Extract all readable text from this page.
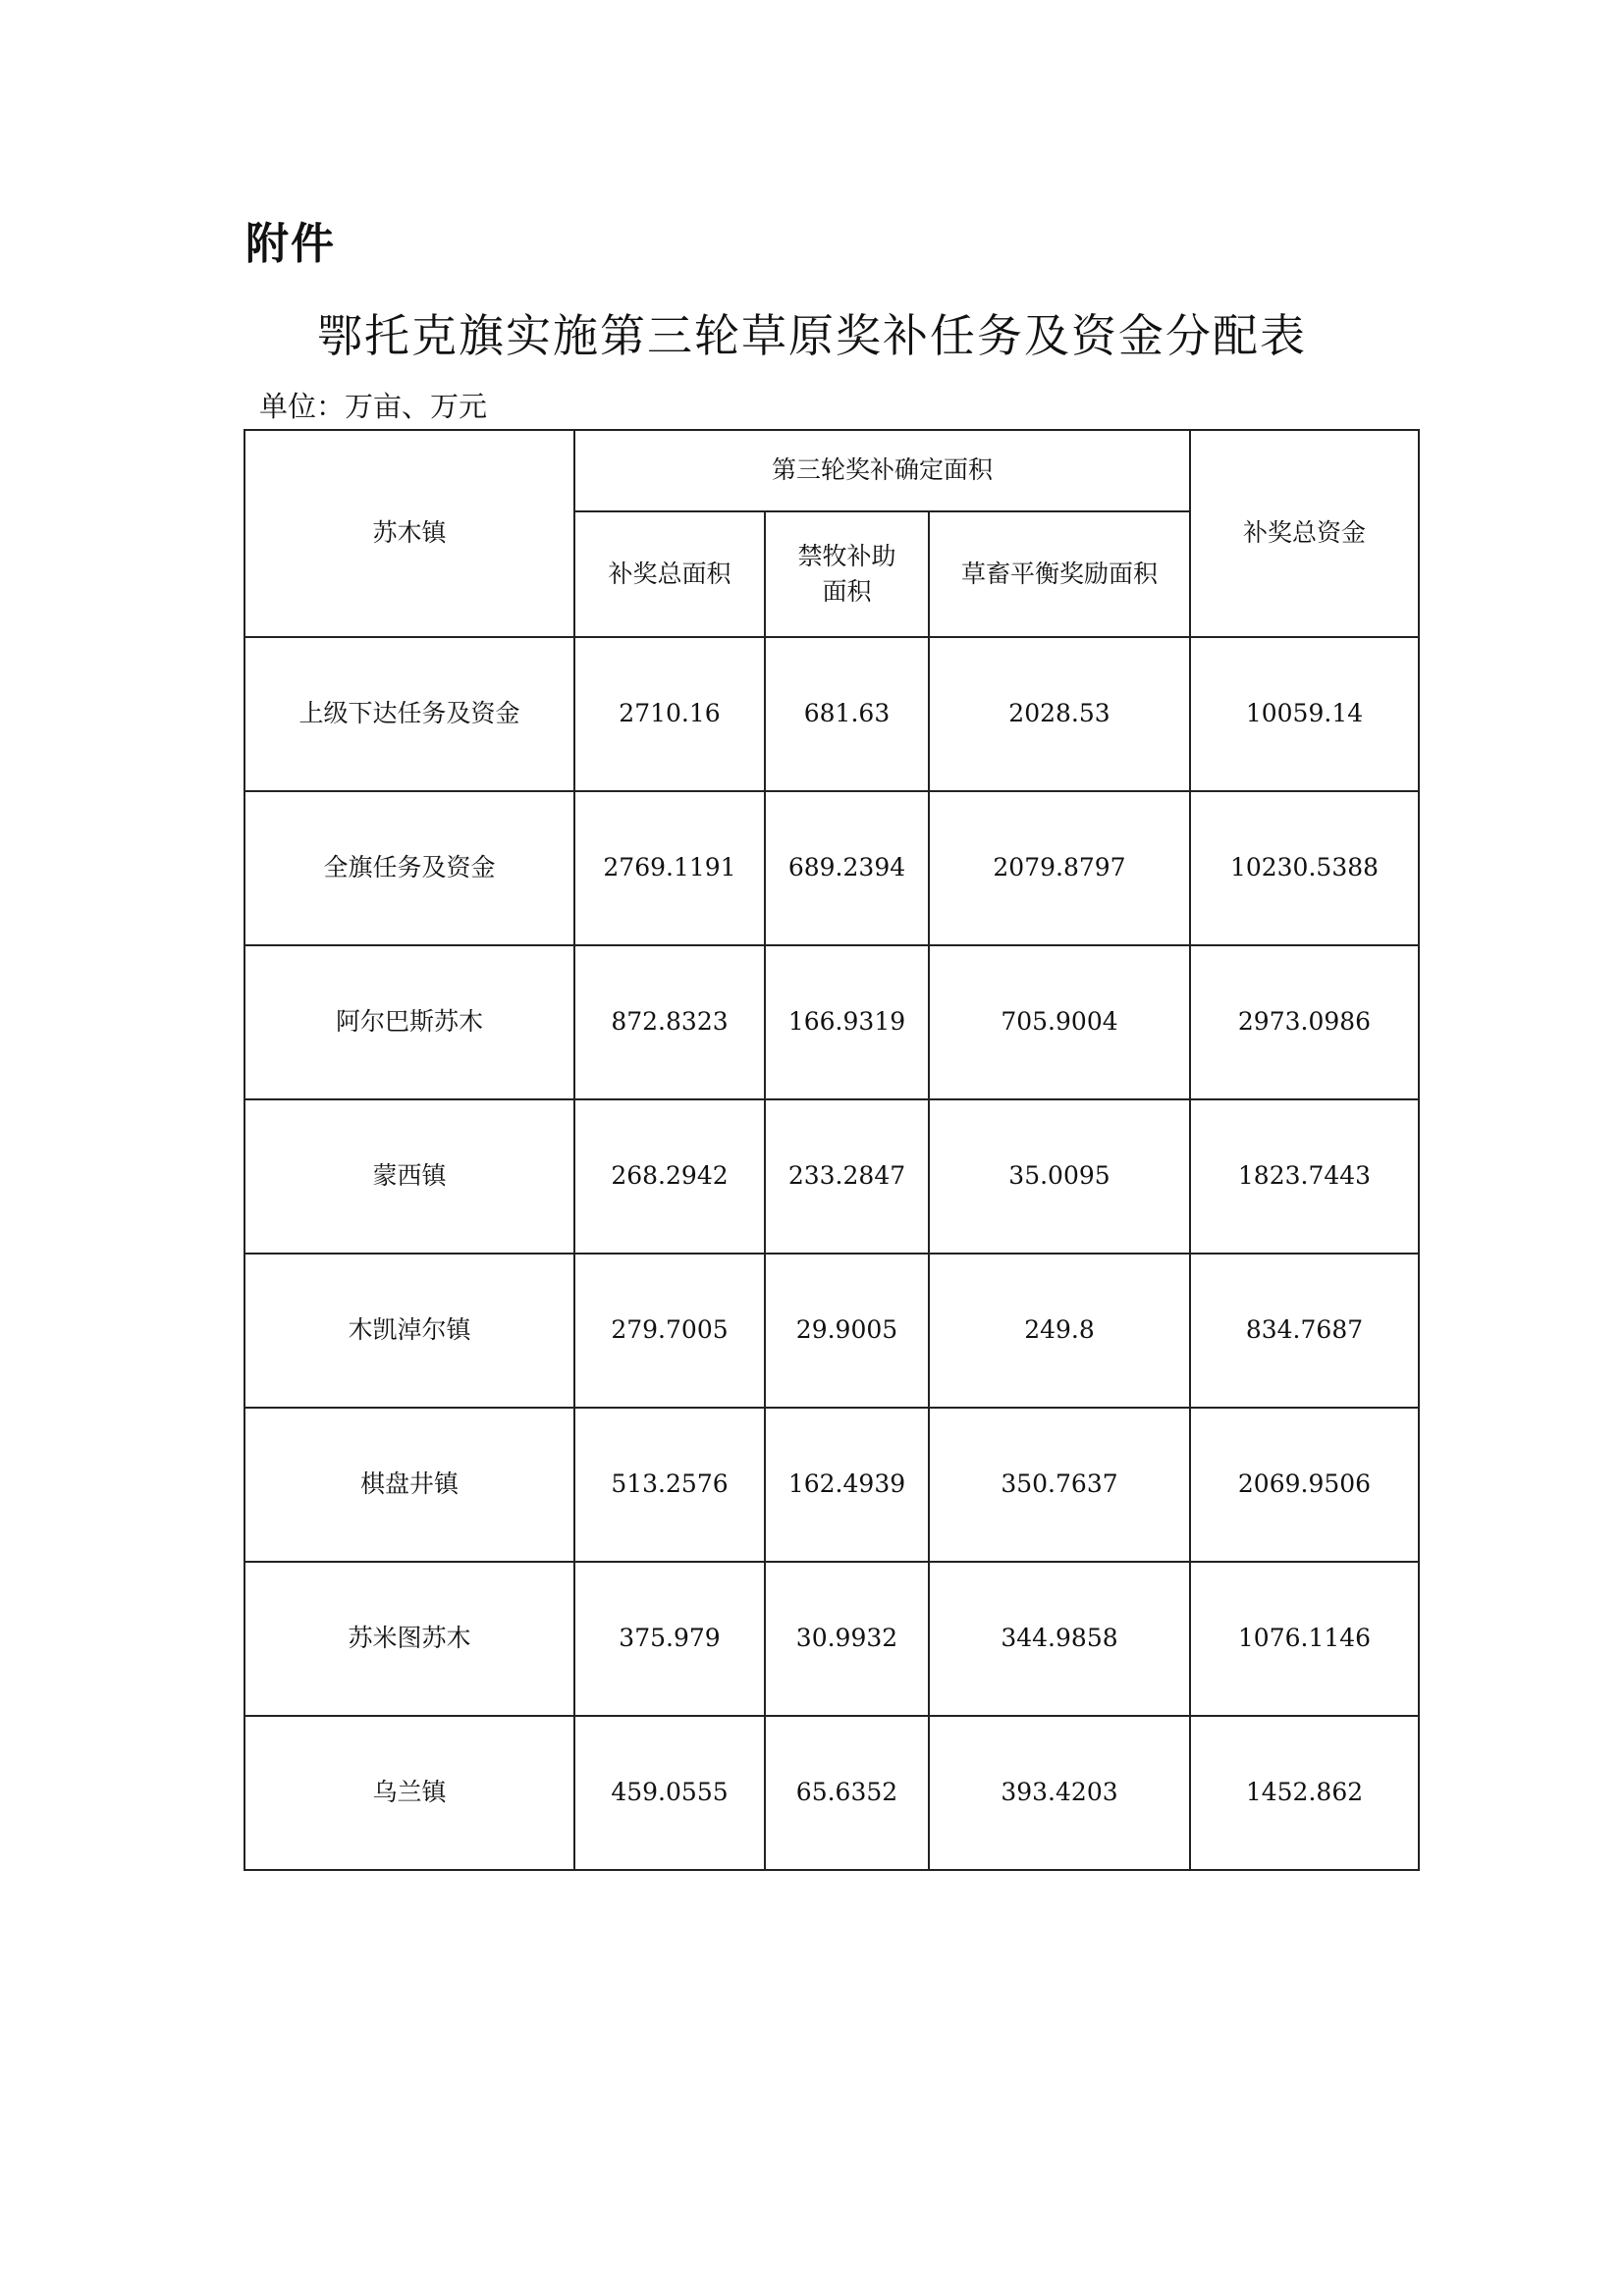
附件
鄂托克旗实施第三轮草原奖补任务及资金分配表
单位：万亩、万元
苏木镇	第三轮奖补确定面积			补奖总资金
	补奖总面积	禁牧补助面积	草畜平衡奖励面积	
上级下达任务及资金	2710.16	681.63	2028.53	10059.14
全旗任务及资金	2769.1191	689.2394	2079.8797	10230.5388
阿尔巴斯苏木	872.8323	166.9319	705.9004	2973.0986
蒙西镇	268.2942	233.2847	35.0095	1823.7443
木凯淖尔镇	279.7005	29.9005	249.8	834.7687
棋盘井镇	513.2576	162.4939	350.7637	2069.9506
苏米图苏木	375.979	30.9932	344.9858	1076.1146
乌兰镇	459.0555	65.6352	393.4203	1452.862
